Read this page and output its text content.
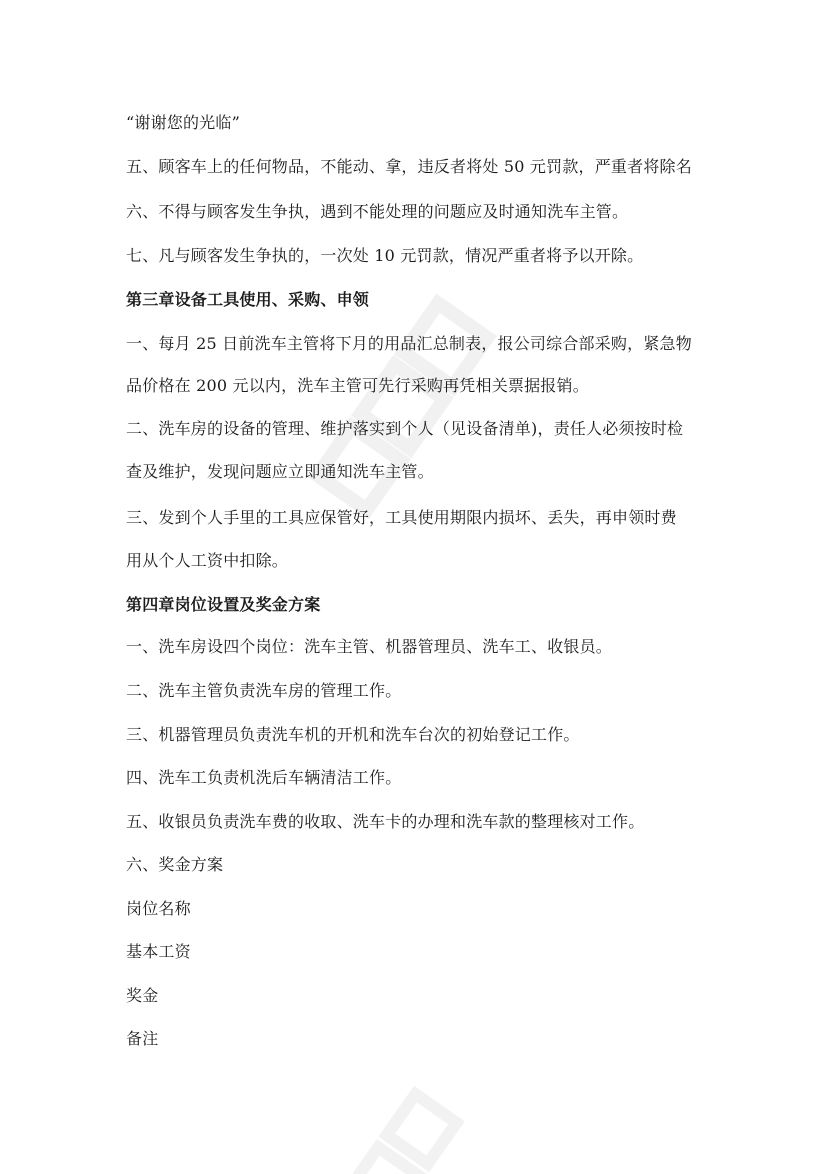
“谢谢您的光临”
五、顾客车上的任何物品，不能动、拿，违反者将处 50 元罚款，严重者将除名
六、不得与顾客发生争执，遇到不能处理的问题应及时通知洗车主管。
七、凡与顾客发生争执的，一次处 10 元罚款，情况严重者将予以开除。
第三章设备工具使用、采购、申领
一、每月 25 日前洗车主管将下月的用品汇总制表，报公司综合部采购，紧急物
品价格在 200 元以内，洗车主管可先行采购再凭相关票据报销。
二、洗车房的设备的管理、维护落实到个人（见设备清单)，责任人必须按时检
查及维护，发现问题应立即通知洗车主管。
三、发到个人手里的工具应保管好，工具使用期限内损坏、丢失，再申领时费
用从个人工资中扣除。
第四章岗位设置及奖金方案
一、洗车房设四个岗位：洗车主管、机器管理员、洗车工、收银员。
二、洗车主管负责洗车房的管理工作。
三、机器管理员负责洗车机的开机和洗车台次的初始登记工作。
四、洗车工负责机洗后车辆清洁工作。
五、收银员负责洗车费的收取、洗车卡的办理和洗车款的整理核对工作。
六、奖金方案
岗位名称
基本工资
奖金
备注
